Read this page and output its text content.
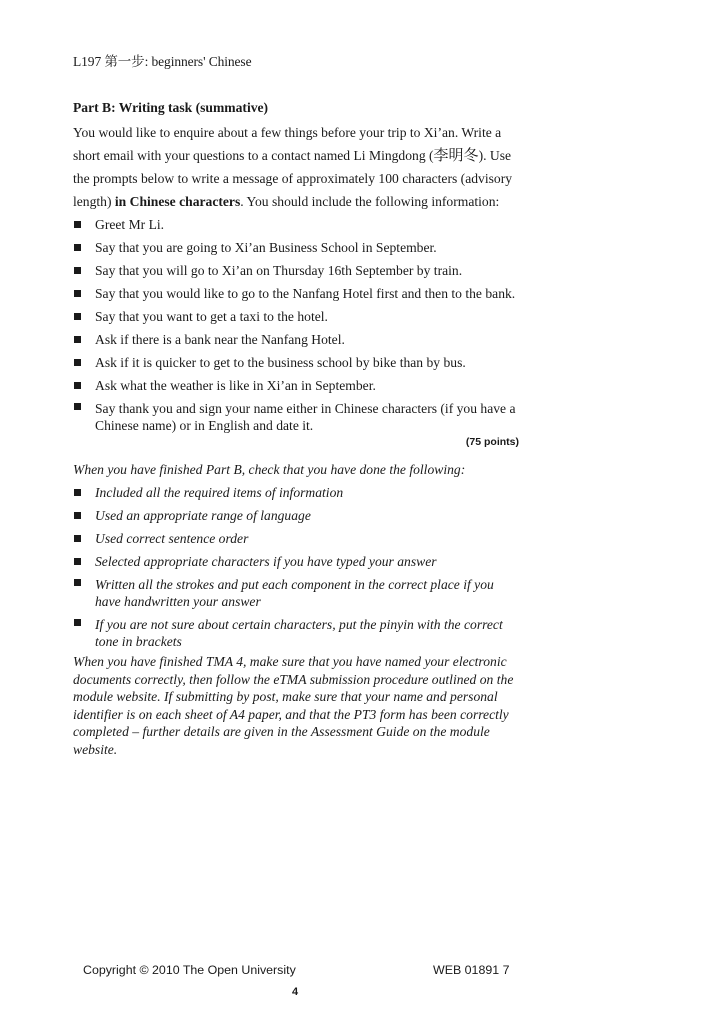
L197 第一步: beginners' Chinese

Part B: Writing task (summative)

You would like to enquire about a few things before your trip to Xi’an. Write a short email with your questions to a contact named Li Mingdong (李明冬). Use the prompts below to write a message of approximately 100 characters (advisory length) in Chinese characters. You should include the following information:

Greet Mr Li.
Say that you are going to Xi’an Business School in September.
Say that you will go to Xi’an on Thursday 16th September by train.
Say that you would like to go to the Nanfang Hotel first and then to the bank.
Say that you want to get a taxi to the hotel.
Ask if there is a bank near the Nanfang Hotel.
Ask if it is quicker to get to the business school by bike than by bus.
Ask what the weather is like in Xi’an in September.
Say thank you and sign your name either in Chinese characters (if you have a
Chinese name) or in English and date it.
(75 points)

When you have finished Part B, check that you have done the following:

Included all the required items of information
Used an appropriate range of language
Used correct sentence order
Selected appropriate characters if you have typed your answer
Written all the strokes and put each component in the correct place if you
have handwritten your answer
If you are not sure about certain characters, put the pinyin with the correct
tone in brackets

When you have finished TMA 4, make sure that you have named your electronic documents correctly, then follow the eTMA submission procedure outlined on the module website. If submitting by post, make sure that your name and personal identifier is on each sheet of A4 paper, and that the PT3 form has been correctly completed – further details are given in the Assessment Guide on the module website.

Copyright © 2010 The Open University	WEB 01891 7
4
